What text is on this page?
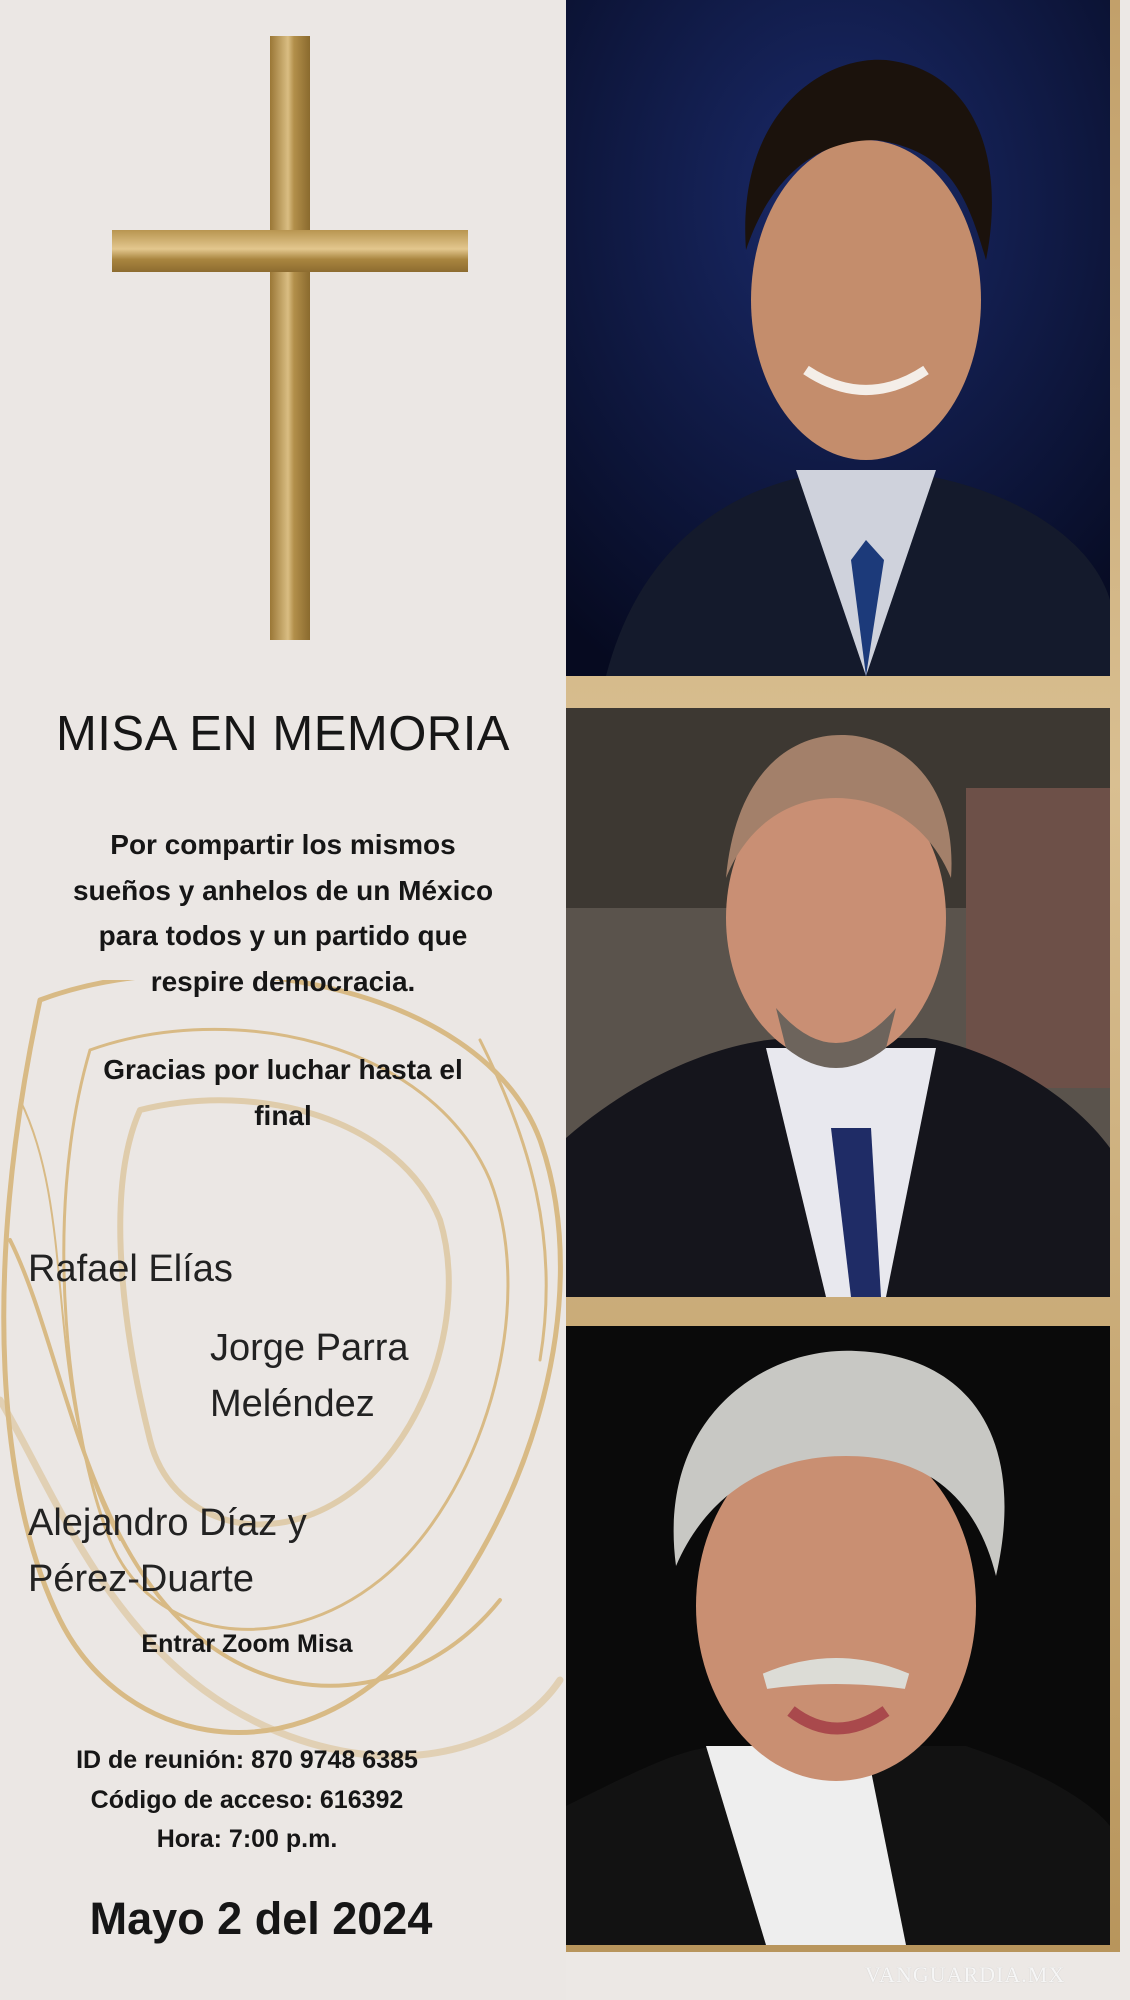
MISA EN MEMORIA
Por compartir los mismos
sueños y anhelos de un México
para todos y un partido que
respire democracia.
Gracias por luchar hasta el
final
Rafael Elías
Jorge Parra
Meléndez
Alejandro Díaz y
Pérez-Duarte
Entrar Zoom Misa
ID de reunión: 870 9748 6385
Código de acceso: 616392
Hora: 7:00 p.m.
Mayo 2 del 2024
VANGUARDIA.MX
